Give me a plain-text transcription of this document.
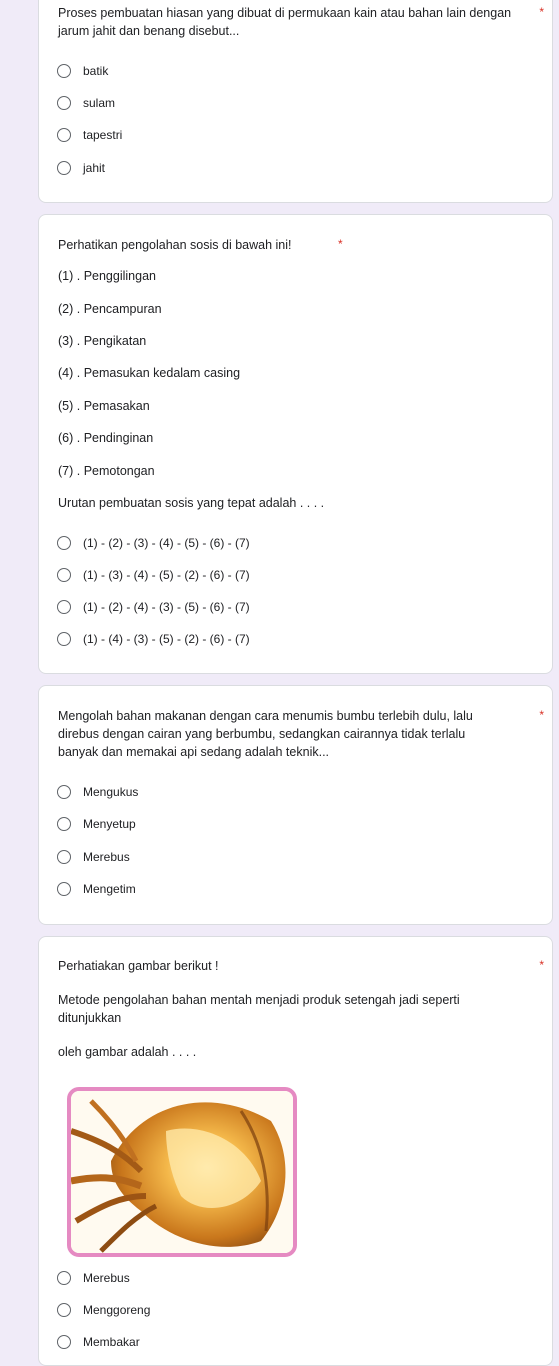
Proses pembuatan hiasan yang dibuat di permukaan kain atau bahan lain dengan jarum jahit dan benang disebut...
*
batik
sulam
tapestri
jahit
Perhatikan pengolahan sosis di bawah ini!	*
(1) . Penggilingan
(2) . Pencampuran
(3) . Pengikatan
(4) . Pemasukan kedalam casing
(5) . Pemasakan
(6) . Pendinginan
(7) . Pemotongan
Urutan pembuatan sosis yang tepat adalah . . . .
(1) - (2) - (3) - (4) - (5) - (6) - (7)
(1) - (3) - (4) - (5) - (2) - (6) - (7)
(1) - (2) - (4) - (3) - (5) - (6) - (7)
(1) - (4) - (3) - (5) - (2) - (6) - (7)
Mengolah bahan makanan dengan cara menumis bumbu terlebih dulu, lalu direbus dengan cairan yang berbumbu, sedangkan cairannya tidak terlalu banyak dan memakai api sedang adalah teknik...
*
Mengukus
Menyetup
Merebus
Mengetim
Perhatiakan gambar berikut !	*
Metode pengolahan bahan mentah menjadi produk setengah jadi seperti ditunjukkan
oleh gambar adalah . . . .
Merebus
Menggoreng
Membakar
